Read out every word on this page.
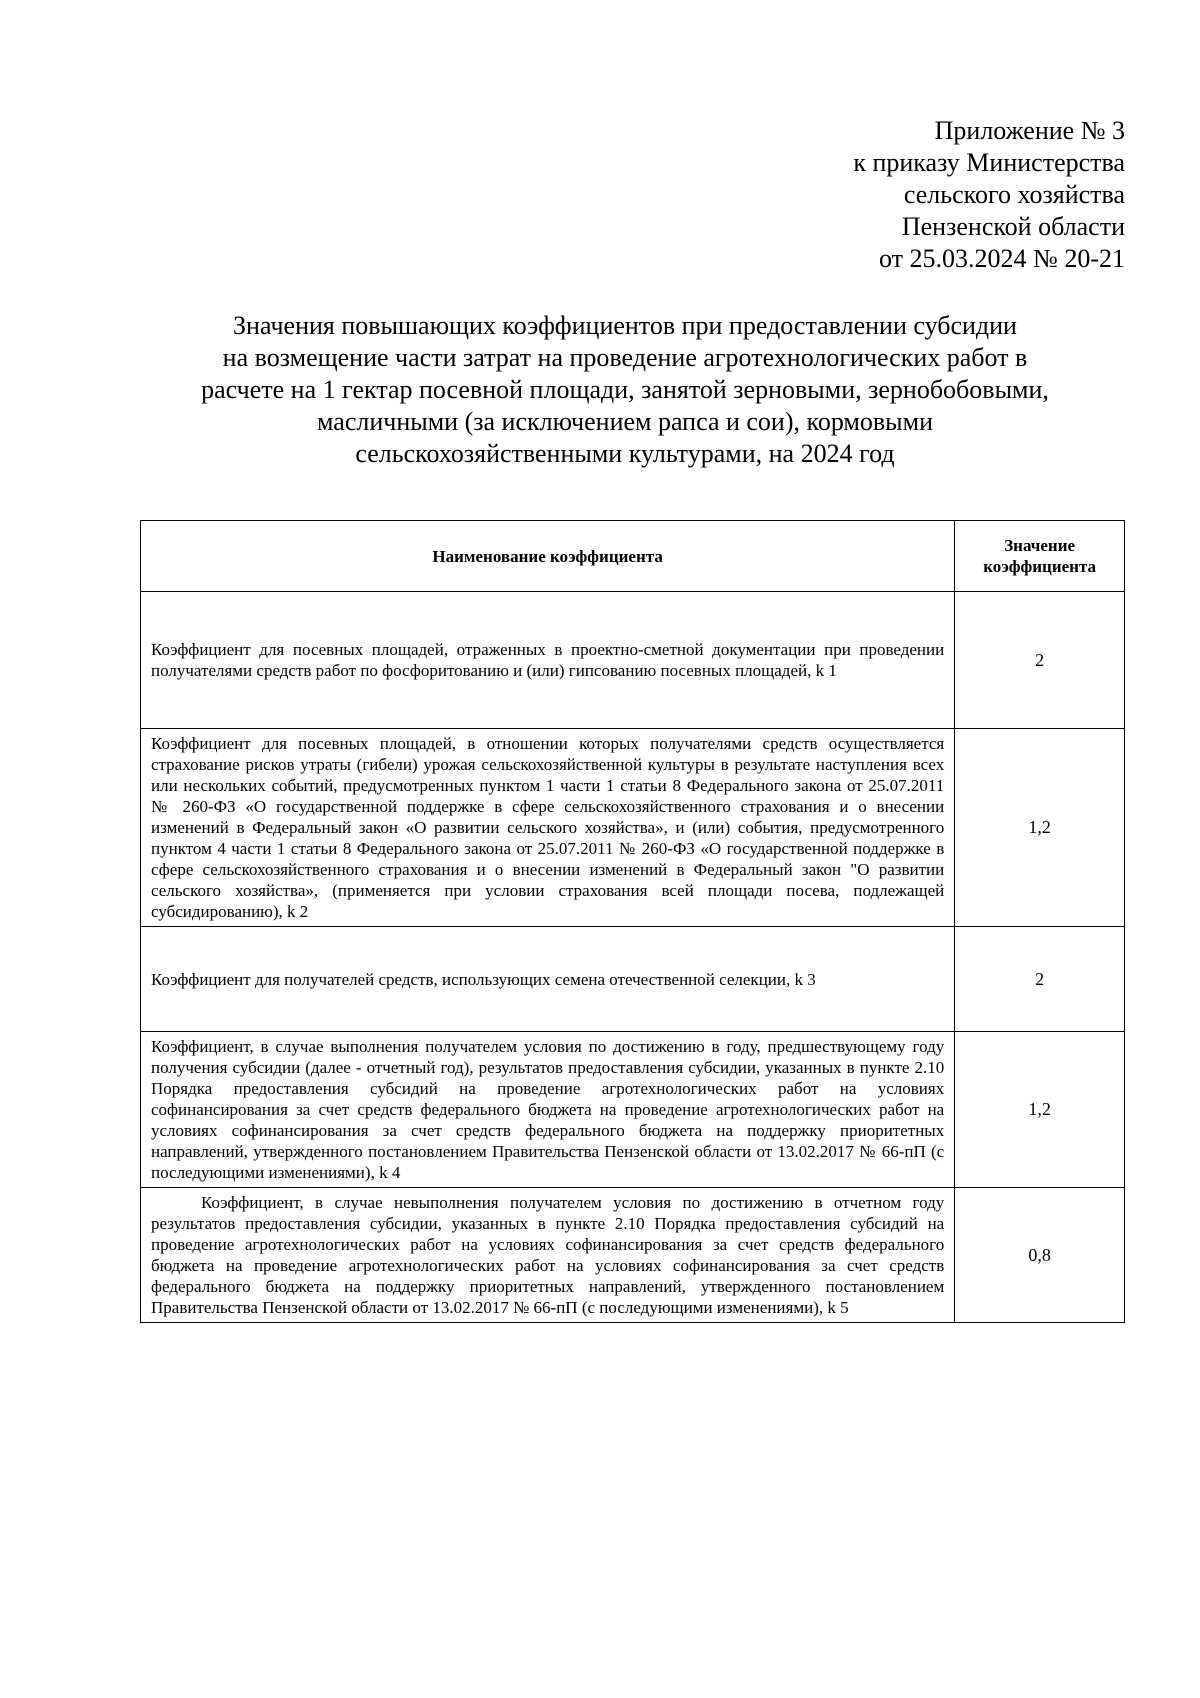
Приложение № 3
к приказу Министерства
сельского хозяйства
Пензенской области
от 25.03.2024 № 20-21
Значения повышающих коэффициентов при предоставлении субсидии
на возмещение части затрат на проведение агротехнологических работ в
расчете на 1 гектар посевной площади, занятой зерновыми, зернобобовыми,
масличными (за исключением рапса и сои), кормовыми
сельскохозяйственными культурами, на 2024 год
Наименование коэффициента	Значение коэффициента
Коэффициент для посевных площадей, отраженных в проектно-сметной документации при проведении получателями средств работ по фосфоритованию и (или) гипсованию посевных площадей, k 1	2
Коэффициент для посевных площадей, в отношении которых получателями средств осуществляется страхование рисков утраты (гибели) урожая сельскохозяйственной культуры в результате наступления всех или нескольких событий, предусмотренных пунктом 1 части 1 статьи 8 Федерального закона от 25.07.2011 № 260-ФЗ «О государственной поддержке в сфере сельскохозяйственного страхования и о внесении изменений в Федеральный закон «О развитии сельского хозяйства», и (или) события, предусмотренного пунктом 4 части 1 статьи 8 Федерального закона от 25.07.2011 № 260-ФЗ «О государственной поддержке в сфере сельскохозяйственного страхования и о внесении изменений в Федеральный закон "О развитии сельского хозяйства», (применяется при условии страхования всей площади посева, подлежащей субсидированию), k 2	1,2
Коэффициент для получателей средств, использующих семена отечественной селекции, k 3	2
Коэффициент, в случае выполнения получателем условия по достижению в году, предшествующему году получения субсидии (далее - отчетный год), результатов предоставления субсидии, указанных в пункте 2.10 Порядка предоставления субсидий на проведение агротехнологических работ на условиях софинансирования за счет средств федерального бюджета на проведение агротехнологических работ на условиях софинансирования за счет средств федерального бюджета на поддержку приоритетных направлений, утвержденного постановлением Правительства Пензенской области от 13.02.2017 № 66-пП (с последующими изменениями), k 4	1,2
Коэффициент, в случае невыполнения получателем условия по достижению в отчетном году результатов предоставления субсидии, указанных в пункте 2.10 Порядка предоставления субсидий на проведение агротехнологических работ на условиях софинансирования за счет средств федерального бюджета на проведение агротехнологических работ на условиях софинансирования за счет средств федерального бюджета на поддержку приоритетных направлений, утвержденного постановлением Правительства Пензенской области от 13.02.2017 № 66-пП (с последующими изменениями), k 5	0,8
